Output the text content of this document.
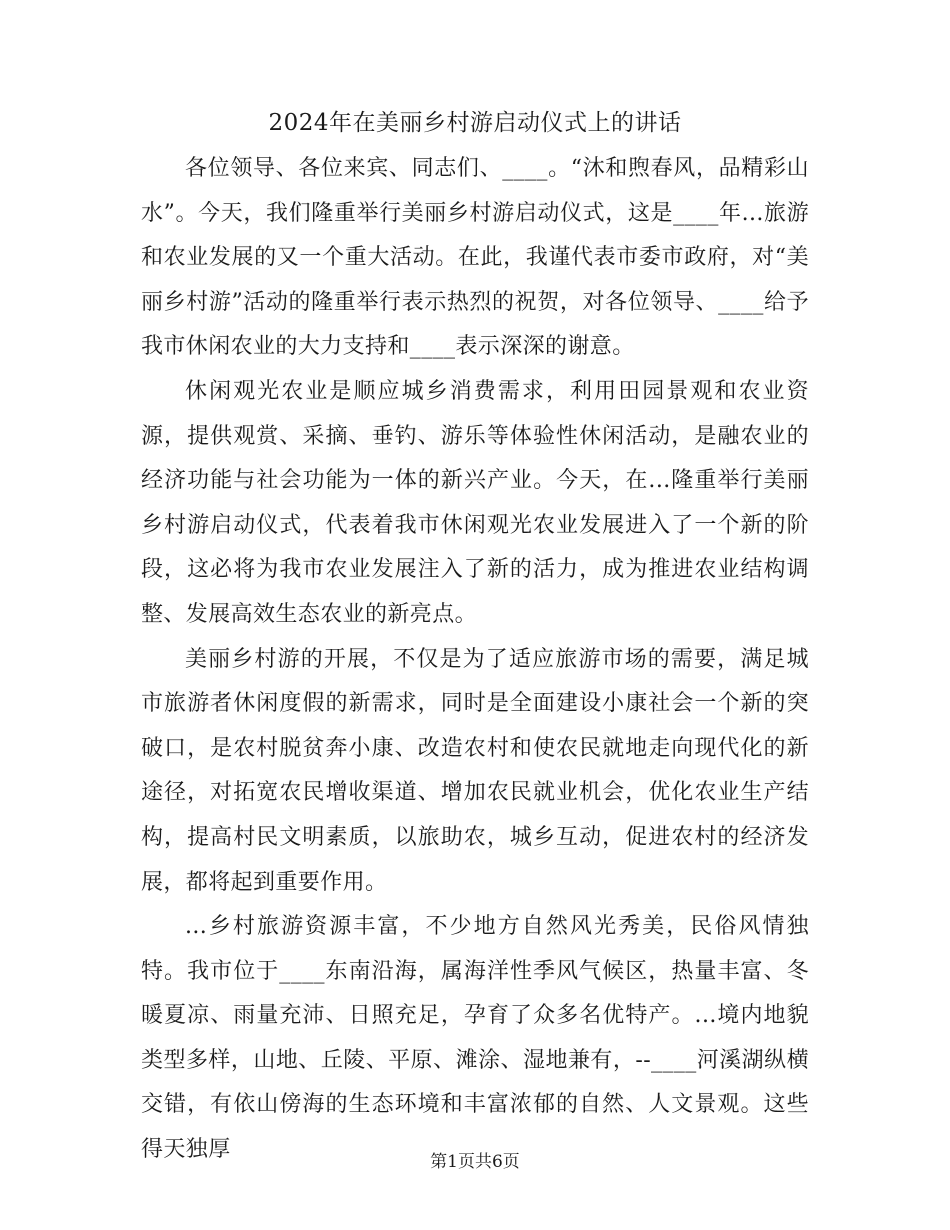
2024年在美丽乡村游启动仪式上的讲话

各位领导、各位来宾、同志们、____。“沐和煦春风，品精彩山水”。今天，我们隆重举行美丽乡村游启动仪式，这是____年...旅游和农业发展的又一个重大活动。在此，我谨代表市委市政府，对“美丽乡村游”活动的隆重举行表示热烈的祝贺，对各位领导、____给予我市休闲农业的大力支持和____表示深深的谢意。

休闲观光农业是顺应城乡消费需求，利用田园景观和农业资源，提供观赏、采摘、垂钓、游乐等体验性休闲活动，是融农业的经济功能与社会功能为一体的新兴产业。今天，在...隆重举行美丽乡村游启动仪式，代表着我市休闲观光农业发展进入了一个新的阶段，这必将为我市农业发展注入了新的活力，成为推进农业结构调整、发展高效生态农业的新亮点。

美丽乡村游的开展，不仅是为了适应旅游市场的需要，满足城市旅游者休闲度假的新需求，同时是全面建设小康社会一个新的突破口，是农村脱贫奔小康、改造农村和使农民就地走向现代化的新途径，对拓宽农民增收渠道、增加农民就业机会，优化农业生产结构，提高村民文明素质，以旅助农，城乡互动，促进农村的经济发展，都将起到重要作用。

...乡村旅游资源丰富，不少地方自然风光秀美，民俗风情独特。我市位于____东南沿海，属海洋性季风气候区，热量丰富、冬暖夏凉、雨量充沛、日照充足，孕育了众多名优特产。...境内地貌类型多样，山地、丘陵、平原、滩涂、湿地兼有，--____河溪湖纵横交错，有依山傍海的生态环境和丰富浓郁的自然、人文景观。这些得天独厚	第1页共6页
